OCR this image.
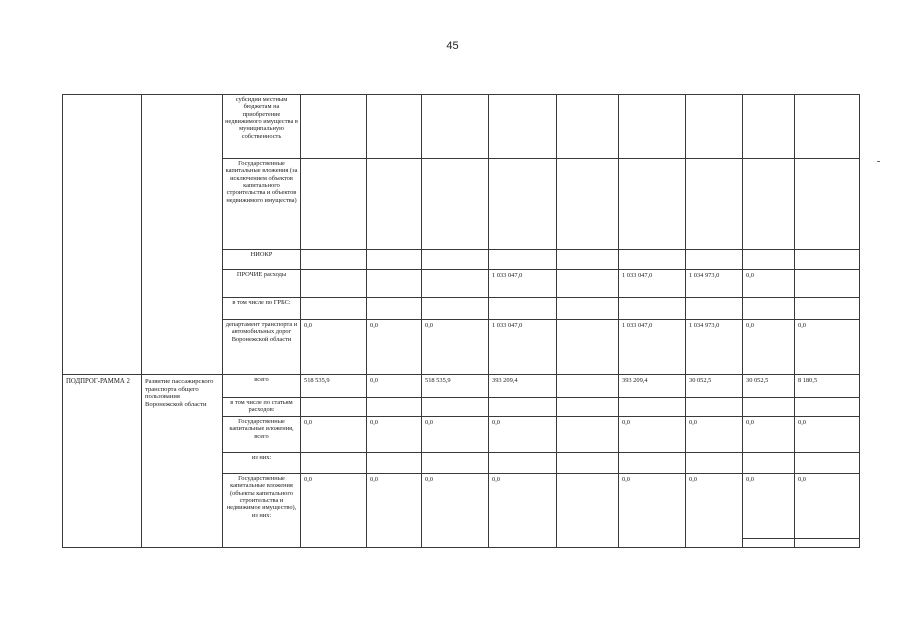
45
		субсидии местным бюджетам на приобретение недвижимого имущества в муниципальную собственность									
		Государственные капитальные вложения (за исключением объектов капитального строительства и объектов недвижимого имущества)									
		НИОКР									
		ПРОЧИЕ расходы				1 033 047,0		1 033 047,0	1 034 973,0	0,0	
		в том числе по ГРБС:									
		департамент транспорта и автомобильных дорог Воронежской области	0,0	0,0	0,0	1 033 047,0		1 033 047,0	1 034 973,0	0,0	0,0
ПОДПРОГ-РАММА 2	Развитие пассажирского транспорта общего пользования Воронежской области	всего	518 535,9	0,0	518 535,9	393 209,4		393 209,4	30 052,5	30 052,5	8 180,5
		в том числе по статьям расходов:									
		Государственные капитальные вложения, всего	0,0	0,0	0,0	0,0		0,0	0,0	0,0	0,0
		из них:									
		Государственные капитальные вложения (объекты капитального строительства и недвижимое имущество), из них:	0,0	0,0	0,0	0,0		0,0	0,0	0,0	0,0
